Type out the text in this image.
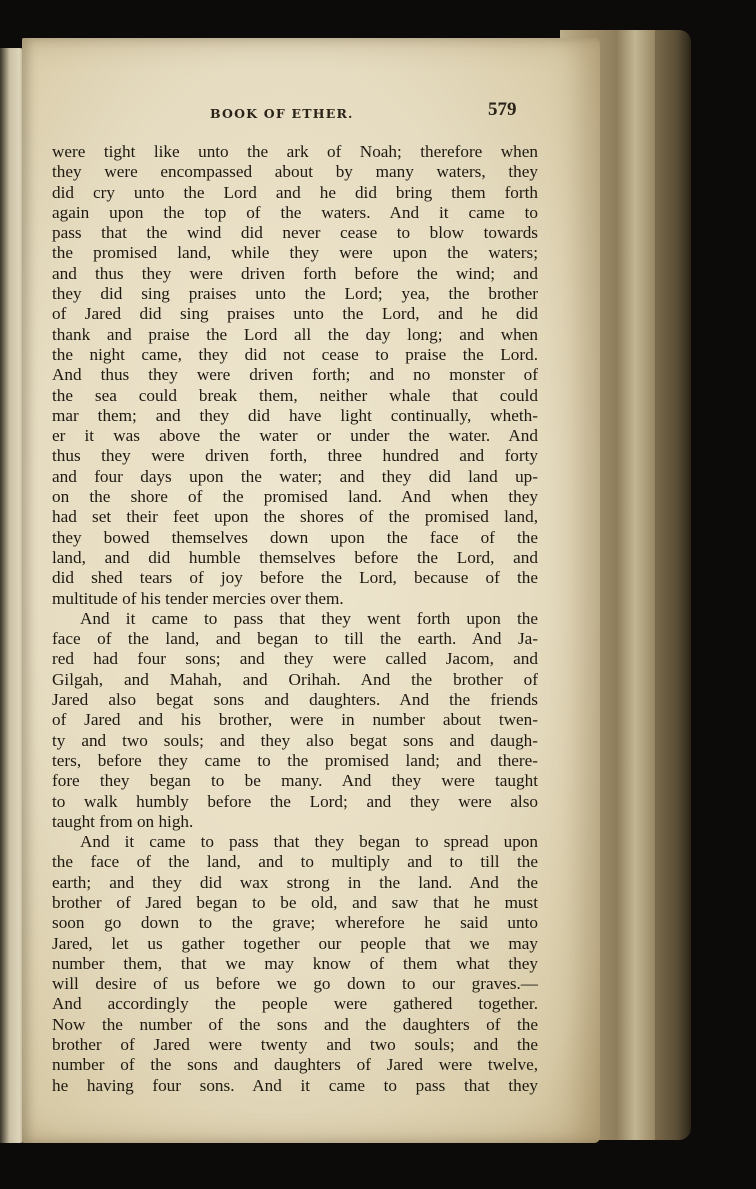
BOOK OF ETHER.	579
were tight like unto the ark of Noah; therefore when
they were encompassed about by many waters, they
did cry unto the Lord and he did bring them forth
again upon the top of the waters. And it came to
pass that the wind did never cease to blow towards
the promised land, while they were upon the waters;
and thus they were driven forth before the wind; and
they did sing praises unto the Lord; yea, the brother
of Jared did sing praises unto the Lord, and he did
thank and praise the Lord all the day long; and when
the night came, they did not cease to praise the Lord.
And thus they were driven forth; and no monster of
the sea could break them, neither whale that could
mar them; and they did have light continually, wheth-
er it was above the water or under the water. And
thus they were driven forth, three hundred and forty
and four days upon the water; and they did land up-
on the shore of the promised land. And when they
had set their feet upon the shores of the promised land,
they bowed themselves down upon the face of the
land, and did humble themselves before the Lord, and
did shed tears of joy before the Lord, because of the
multitude of his tender mercies over them.
And it came to pass that they went forth upon the
face of the land, and began to till the earth. And Ja-
red had four sons; and they were called Jacom, and
Gilgah, and Mahah, and Orihah. And the brother of
Jared also begat sons and daughters. And the friends
of Jared and his brother, were in number about twen-
ty and two souls; and they also begat sons and daugh-
ters, before they came to the promised land; and there-
fore they began to be many. And they were taught
to walk humbly before the Lord; and they were also
taught from on high.
And it came to pass that they began to spread upon
the face of the land, and to multiply and to till the
earth; and they did wax strong in the land. And the
brother of Jared began to be old, and saw that he must
soon go down to the grave; wherefore he said unto
Jared, let us gather together our people that we may
number them, that we may know of them what they
will desire of us before we go down to our graves.—
And accordingly the people were gathered together.
Now the number of the sons and the daughters of the
brother of Jared were twenty and two souls; and the
number of the sons and daughters of Jared were twelve,
he having four sons. And it came to pass that they
